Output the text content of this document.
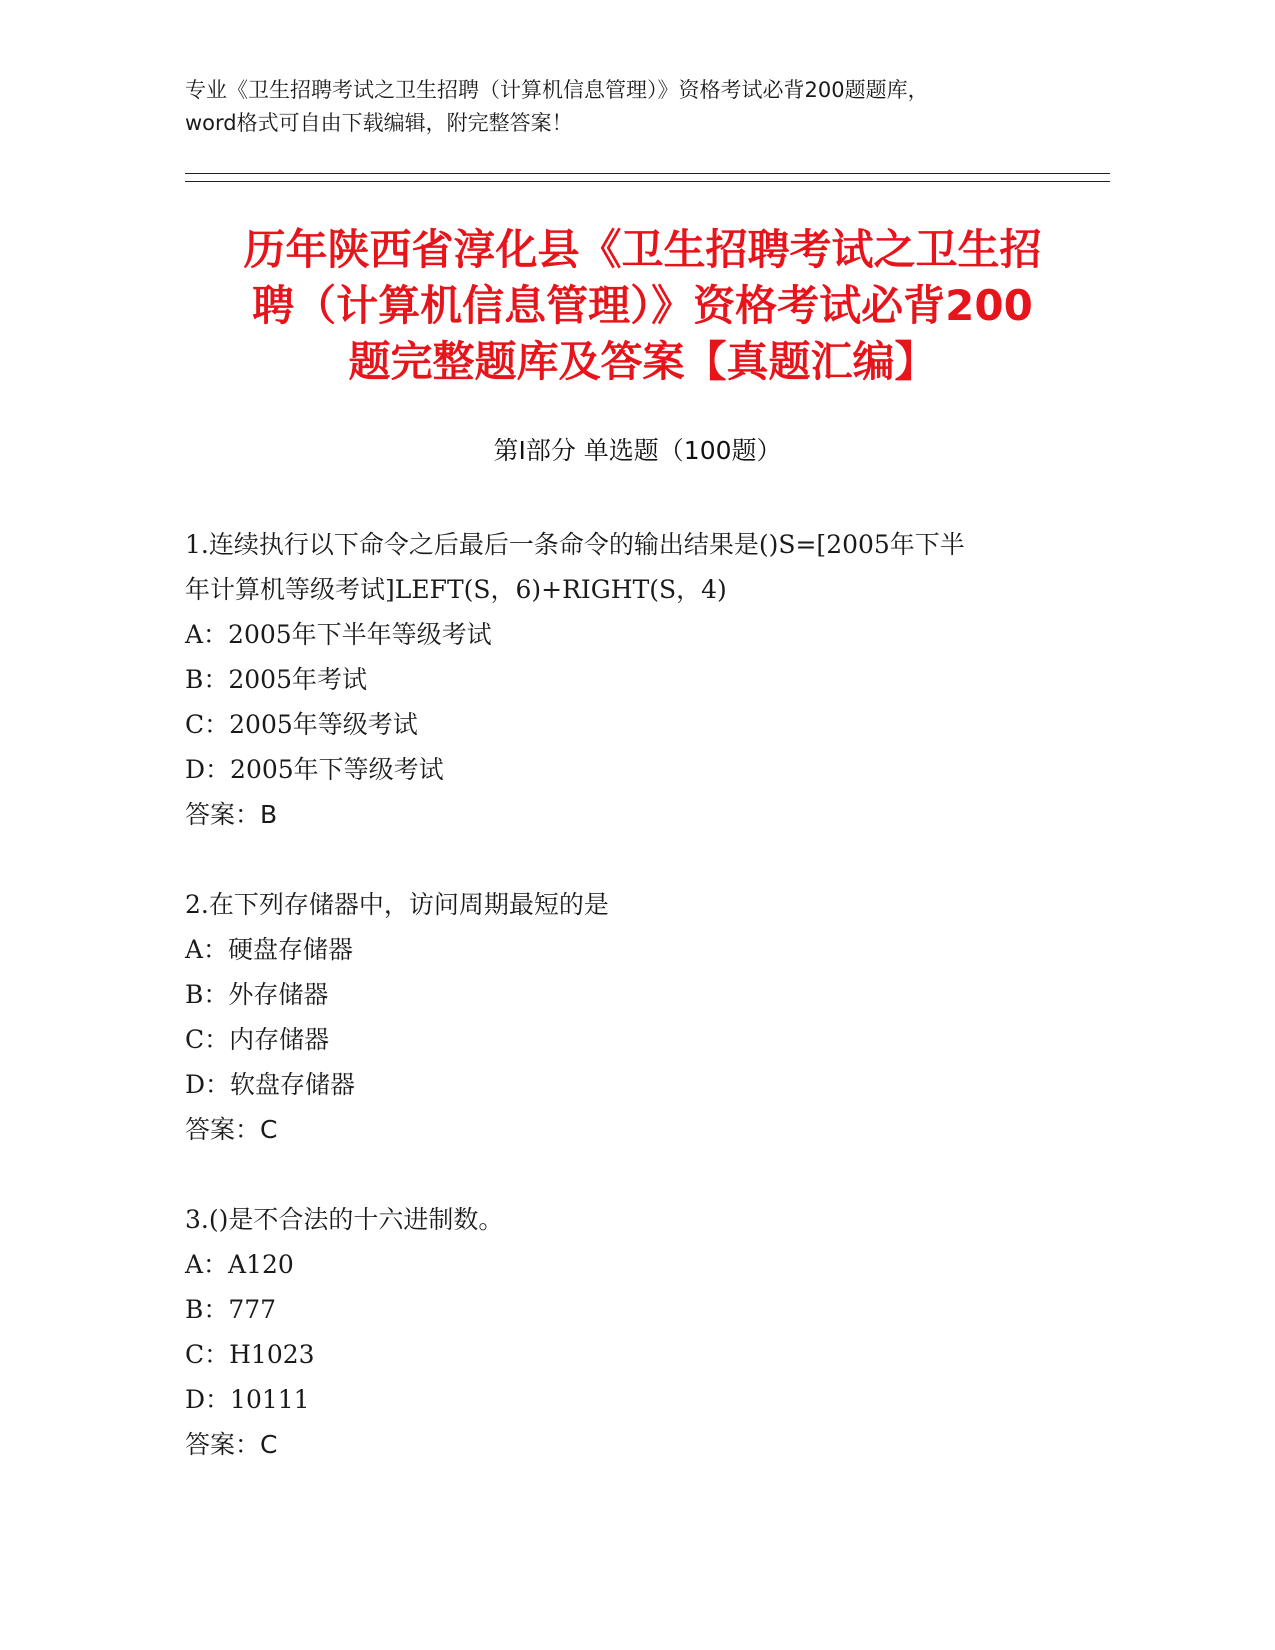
专业《卫生招聘考试之卫生招聘（计算机信息管理）》资格考试必背200题题库，
word格式可自由下载编辑，附完整答案！
历年陕西省淳化县《卫生招聘考试之卫生招
聘（计算机信息管理）》资格考试必背200
题完整题库及答案【真题汇编】
第Ⅰ部分 单选题（100题）
1.连续执行以下命令之后最后一条命令的输出结果是()S=[2005年下半
年计算机等级考试]LEFT(S，6)+RIGHT(S，4)
A：2005年下半年等级考试
B：2005年考试
C：2005年等级考试
D：2005年下等级考试
答案：B
2.在下列存储器中，访问周期最短的是
A：硬盘存储器
B：外存储器
C：内存储器
D：软盘存储器
答案：C
3.()是不合法的十六进制数。
A：A120
B：777
C：H1023
D：10111
答案：C
